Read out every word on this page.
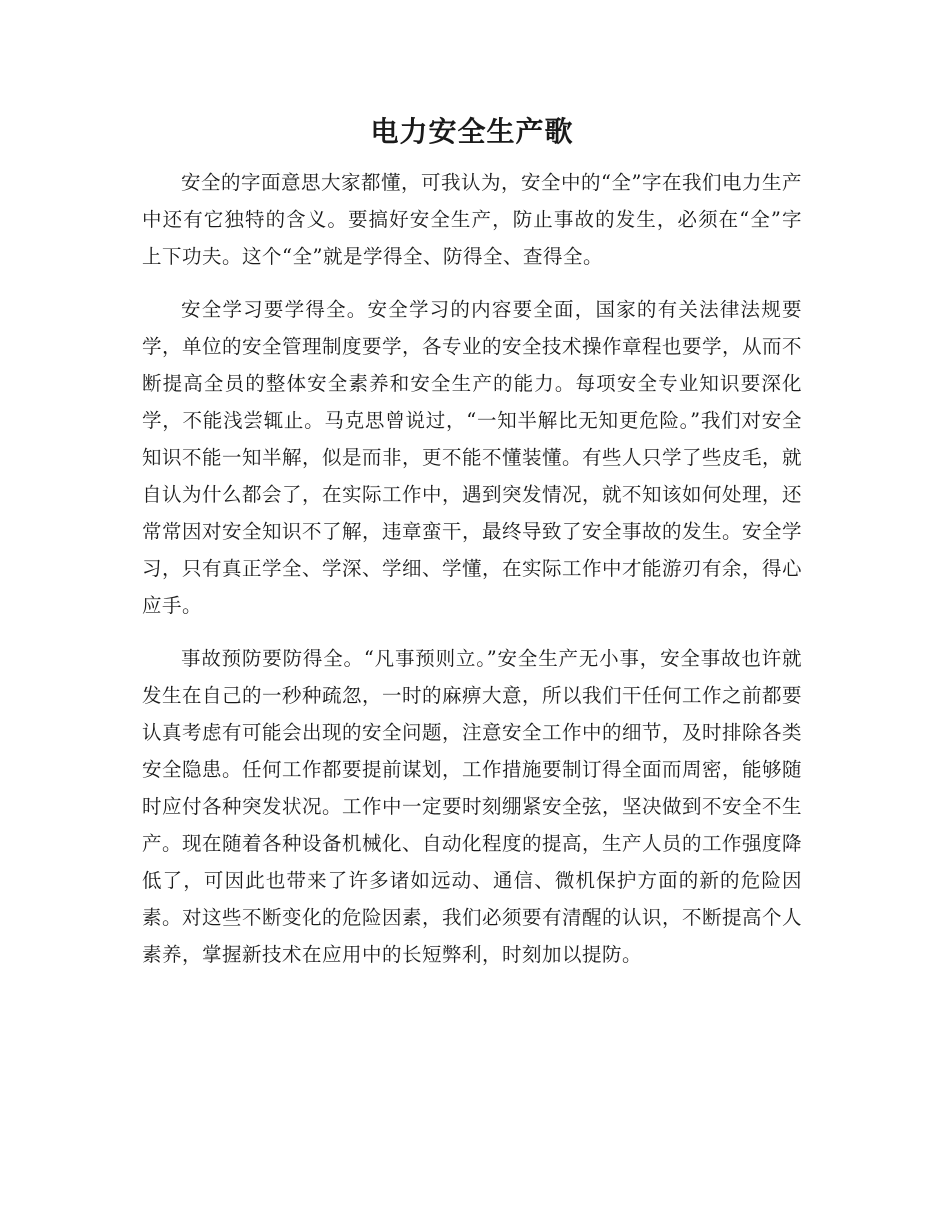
电力安全生产歌

安全的字面意思大家都懂，可我认为，安全中的“全”字在我们电力生产中还有它独特的含义。要搞好安全生产，防止事故的发生，必须在“全”字上下功夫。这个“全”就是学得全、防得全、查得全。

安全学习要学得全。安全学习的内容要全面，国家的有关法律法规要学，单位的安全管理制度要学，各专业的安全技术操作章程也要学，从而不断提高全员的整体安全素养和安全生产的能力。每项安全专业知识要深化学，不能浅尝辄止。马克思曾说过，“一知半解比无知更危险。”我们对安全知识不能一知半解，似是而非，更不能不懂装懂。有些人只学了些皮毛，就自认为什么都会了，在实际工作中，遇到突发情况，就不知该如何处理，还常常因对安全知识不了解，违章蛮干，最终导致了安全事故的发生。安全学习，只有真正学全、学深、学细、学懂，在实际工作中才能游刃有余，得心应手。

事故预防要防得全。“凡事预则立。”安全生产无小事，安全事故也许就发生在自己的一秒种疏忽，一时的麻痹大意，所以我们干任何工作之前都要认真考虑有可能会出现的安全问题，注意安全工作中的细节，及时排除各类安全隐患。任何工作都要提前谋划，工作措施要制订得全面而周密，能够随时应付各种突发状况。工作中一定要时刻绷紧安全弦，坚决做到不安全不生产。现在随着各种设备机械化、自动化程度的提高，生产人员的工作强度降低了，可因此也带来了许多诸如远动、通信、微机保护方面的新的危险因素。对这些不断变化的危险因素，我们必须要有清醒的认识，不断提高个人素养，掌握新技术在应用中的长短弊利，时刻加以提防。
